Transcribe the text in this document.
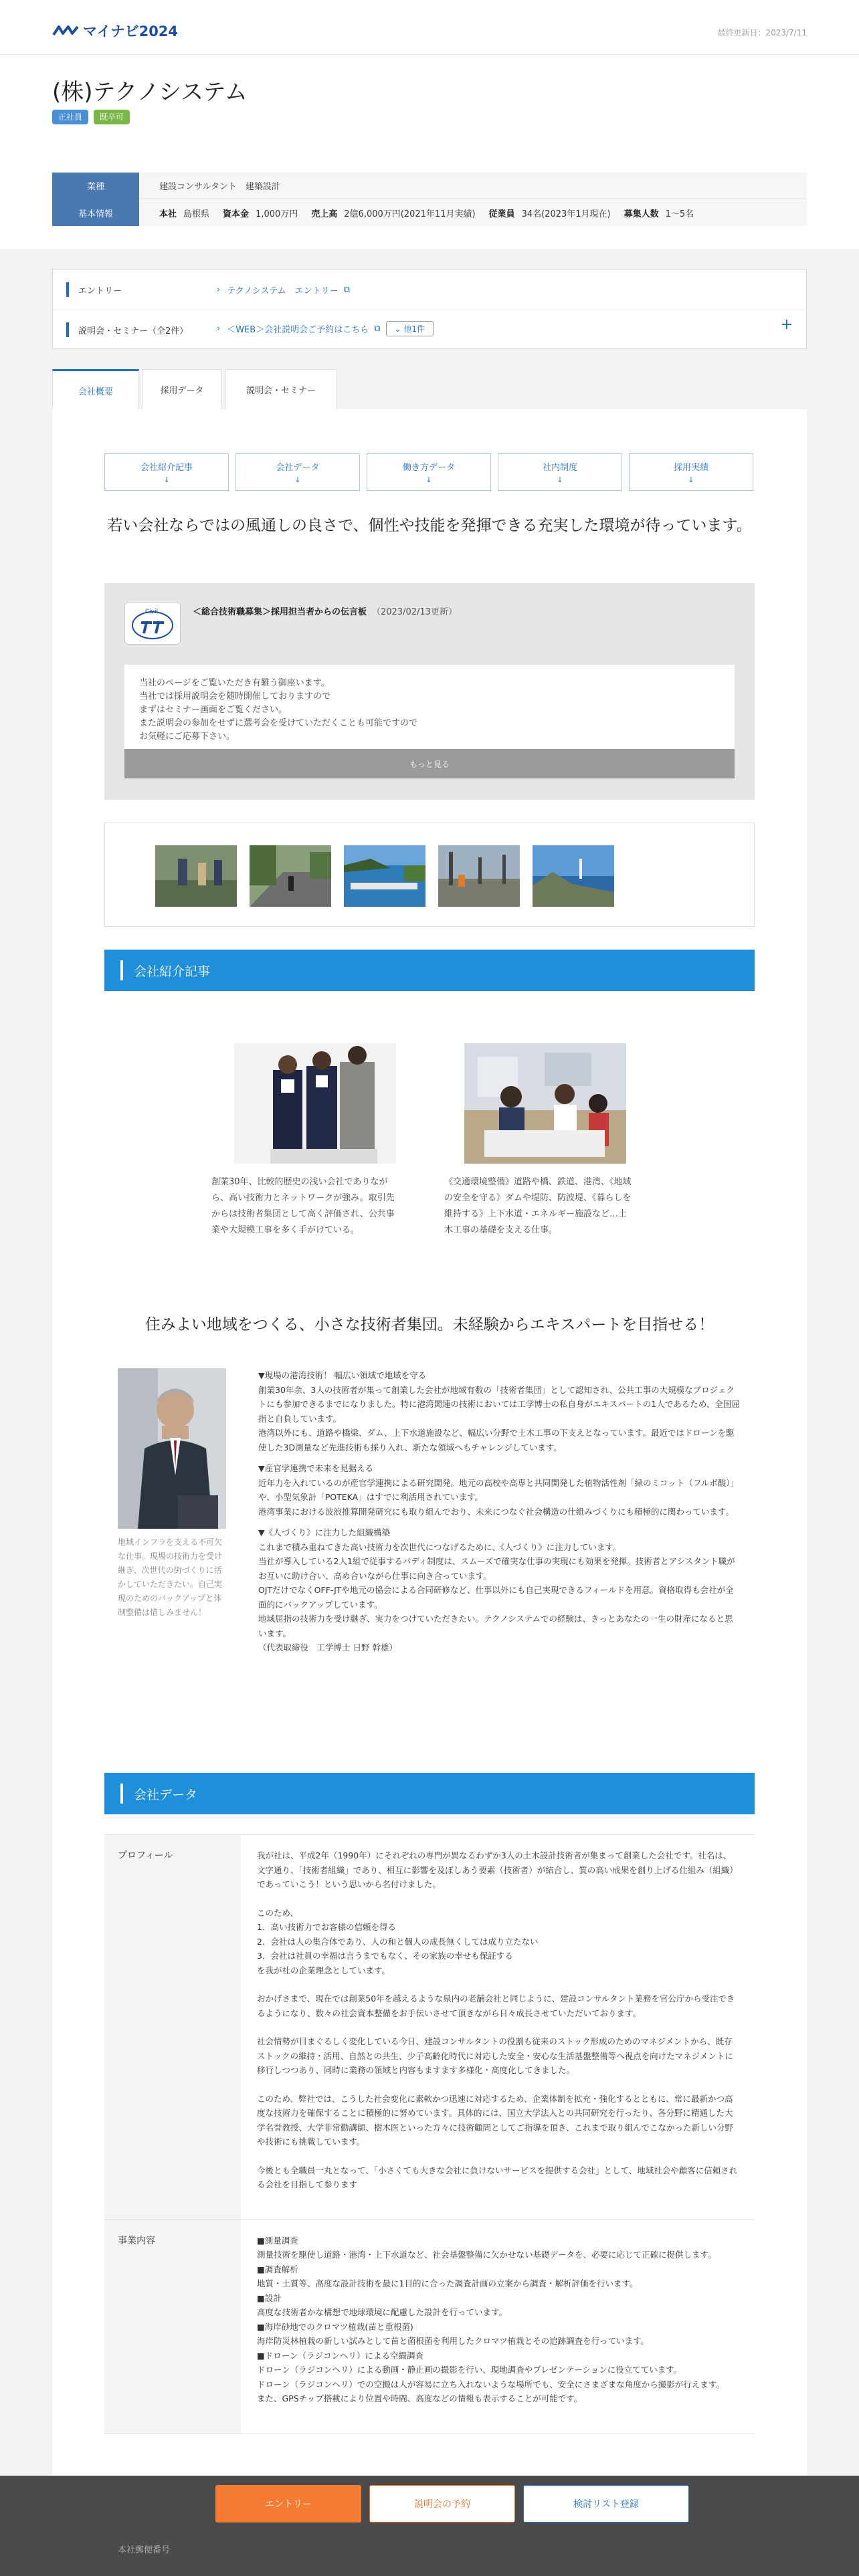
マイナビ2024	最終更新日：2023/7/11
(株)テクノシステム
正社員	既卒可
業種	建設コンサルタント　建築設計
基本情報	本社 島根県 資本金 1,000万円 売上高 2億6,000万円(2021年11月実績) 従業員 34名(2023年1月現在) 募集人数 1〜5名
エントリー	› テクノシステム　エントリー ⧉
説明会・セミナー（全2件）	› ＜WEB＞会社説明会ご予約はこちら ⧉	⌄ 他1件	+
会社概要	採用データ	説明会・セミナー
会社紹介記事
↓
会社データ
↓
働き方データ
↓
社内制度
↓
採用実績
↓
若い会社ならではの風通しの良さで、個性や技能を発揮できる充実した環境が待っています。
Civil	＜総合技術職募集＞採用担当者からの伝言板 （2023/02/13更新）
当社のページをご覧いただき有難う御座います。
当社では採用説明会を随時開催しておりますので
まずはセミナー画面をご覧ください。
また説明会の参加をせずに選考会を受けていただくことも可能ですので
お気軽にご応募下さい。
もっと見る
会社紹介記事
創業30年、比較的歴史の浅い会社でありながら、高い技術力とネットワークが強み。取引先からは技術者集団として高く評価され、公共事業や大規模工事を多く手がけている。
《交通環境整備》道路や橋、鉄道、港湾、《地域の安全を守る》ダムや堤防、防波堤、《暮らしを維持する》上下水道・エネルギー施設など…土木工事の基礎を支える仕事。
住みよい地域をつくる、小さな技術者集団。未経験からエキスパートを目指せる！
地域インフラを支える不可欠な仕事。現場の技術力を受け継ぎ、次世代の街づくりに活かしていただきたい。自己実現のためのバックアップと体制整備は惜しみません！
▼現場の港湾技術！ 幅広い領域で地域を守る
創業30年余、3人の技術者が集って創業した会社が地域有数の「技術者集団」として認知され、公共工事の大規模なプロジェクトにも参加できるまでになりました。特に港湾関連の技術においては工学博士の私自身がエキスパートの1人であるため、全国屈指と自負しています。
港湾以外にも、道路や橋梁、ダム、上下水道施設など、幅広い分野で土木工事の下支えとなっています。最近ではドローンを駆使した3D測量など先進技術も採り入れ、新たな領域へもチャレンジしています。
▼産官学連携で未来を見据える
近年力を入れているのが産官学連携による研究開発。地元の高校や高専と共同開発した植物活性剤「緑のミコット（フルボ酸）」や、小型気象計「POTEKA」はすでに利活用されています。
港湾事業における波浪推算開発研究にも取り組んでおり、未来につなぐ社会構造の仕組みづくりにも積極的に関わっています。
▼《人づくり》に注力した組織構築
これまで積み重ねてきた高い技術力を次世代につなげるために、《人づくり》に注力しています。
当社が導入している2人1組で従事するバディ制度は、スムーズで確実な仕事の実現にも効果を発揮。技術者とアシスタント職がお互いに助け合い、高め合いながら仕事に向き合っています。
OJTだけでなくOFF-JTや地元の協会による合同研修など、仕事以外にも自己実現できるフィールドを用意。資格取得も会社が全面的にバックアップしています。
地域屈指の技術力を受け継ぎ、実力をつけていただきたい。テクノシステムでの経験は、きっとあなたの一生の財産になると思います。
（代表取締役　工学博士 日野 幹雄）
会社データ
プロフィール	我が社は、平成2年（1990年）にそれぞれの専門が異なるわずか3人の土木設計技術者が集まって創業した会社です。社名は、文字通り、「技術者組織」であり、相互に影響を及ぼしあう要素（技術者）が結合し、質の高い成果を創り上げる仕組み（組織）であっていこう！という思いから名付けました。

このため、
1．高い技術力でお客様の信頼を得る
2．会社は人の集合体であり、人の和と個人の成長無くしては成り立たない
3．会社は社員の幸福は言うまでもなく、その家族の幸せも保証する
を我が社の企業理念としています。

おかげさまで、現在では創業50年を越えるような県内の老舗会社と同じように、建設コンサルタント業務を官公庁から受注できるようになり、数々の社会資本整備をお手伝いさせて頂きながら日々成長させていただいております。

社会情勢が目まぐるしく変化している今日、建設コンサルタントの役割も従来のストック形成のためのマネジメントから、既存ストックの維持・活用、自然との共生、少子高齢化時代に対応した安全・安心な生活基盤整備等へ視点を向けたマネジメントに移行しつつあり、同時に業務の領域と内容もますます多様化・高度化してきました。

このため、弊社では、こうした社会変化に素軟かつ迅速に対応するため、企業体制を拡充・強化するとともに、常に最新かつ高度な技術力を確保することに積極的に努めています。具体的には、国立大学法人との共同研究を行ったり、各分野に精通した大学名誉教授、大学非常勤講師、樹木医といった方々に技術顧問としてご指導を頂き、これまで取り組んでこなかった新しい分野や技術にも挑戦しています。

今後とも全職員一丸となって、「小さくても大きな会社に負けないサービスを提供する会社」として、地域社会や顧客に信頼される会社を目指して参ります

事業内容	■測量調査
測量技術を駆使し道路・港湾・上下水道など、社会基盤整備に欠かせない基礎データを、必要に応じて正確に提供します。
■調査解析
地質・土質等、高度な設計技術を最に1目的に合った調査計画の立案から調査・解析評価を行います。
■設計
高度な技術者かな構想で地球環境に配慮した設計を行っています。
■海岸砂地でのクロマツ植栽(苗と重根菌)
海岸防災林植栽の新しい試みとして苗と菌根菌を利用したクロマツ植栽とその追跡調査を行っています。
■ドローン（ラジコンヘリ）による空撮調査
ドローン（ラジコンヘリ）による動画・静止画の撮影を行い、現地調査やプレゼンテーションに役立てています。
ドローン（ラジコンヘリ）での空撮は人が容易に立ち入れないような場所でも、安全にさまざまな角度から撮影が行えます。
また、GPSチップ搭載により位置や時間、高度などの情報も表示することが可能です。

エントリー	説明会の予約	検討リスト登録
本社郵便番号
